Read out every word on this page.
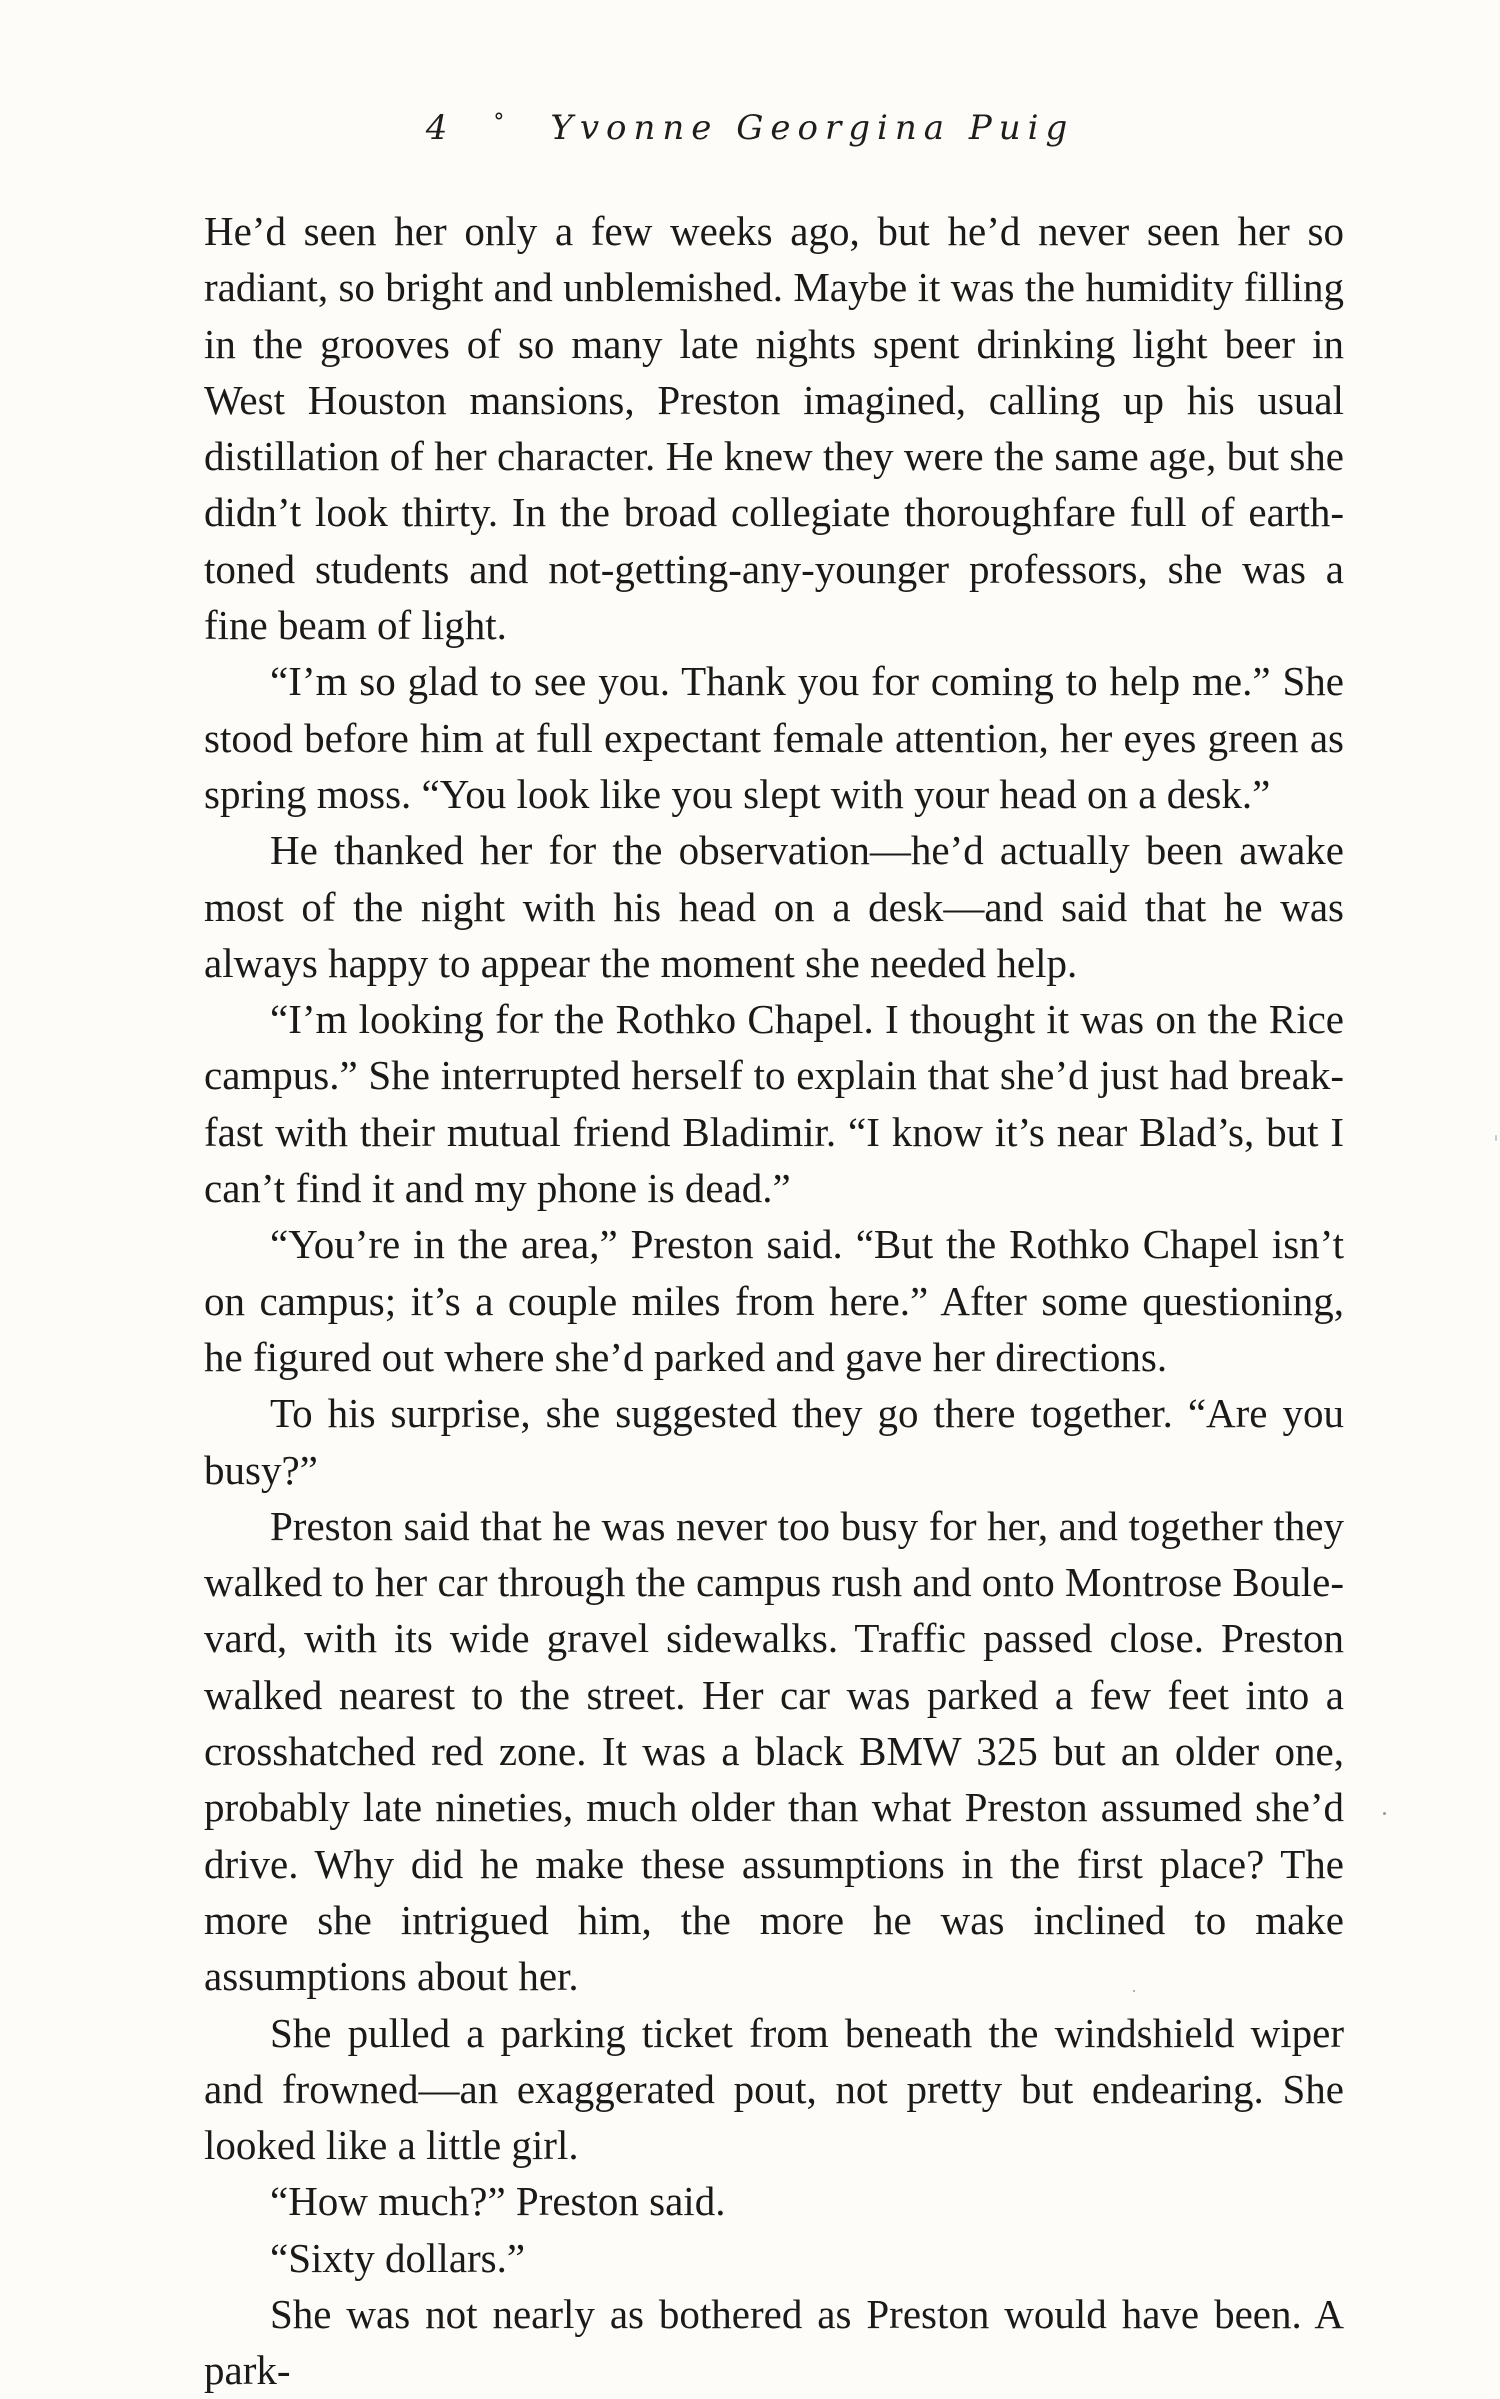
4 ° Yvonne Georgina Puig

He’d seen her only a few weeks ago, but he’d never seen her so radiant, so bright and unblemished. Maybe it was the humidity filling in the grooves of so many late nights spent drinking light beer in West Houston mansions, Preston imagined, calling up his usual distillation of her character. He knew they were the same age, but she didn’t look thirty. In the broad collegiate thoroughfare full of earth-toned students and not-getting-any-younger professors, she was a fine beam of light.

“I’m so glad to see you. Thank you for coming to help me.” She stood before him at full expectant female attention, her eyes green as spring moss. “You look like you slept with your head on a desk.”

He thanked her for the observation—he’d actually been awake most of the night with his head on a desk—and said that he was always happy to appear the moment she needed help.

“I’m looking for the Rothko Chapel. I thought it was on the Rice campus.” She interrupted herself to explain that she’d just had breakfast with their mutual friend Bladimir. “I know it’s near Blad’s, but I can’t find it and my phone is dead.”

“You’re in the area,” Preston said. “But the Rothko Chapel isn’t on campus; it’s a couple miles from here.” After some questioning, he figured out where she’d parked and gave her directions.

To his surprise, she suggested they go there together. “Are you busy?”

Preston said that he was never too busy for her, and together they walked to her car through the campus rush and onto Montrose Boulevard, with its wide gravel sidewalks. Traffic passed close. Preston walked nearest to the street. Her car was parked a few feet into a crosshatched red zone. It was a black BMW 325 but an older one, probably late nineties, much older than what Preston assumed she’d drive. Why did he make these assumptions in the first place? The more she intrigued him, the more he was inclined to make assumptions about her.

She pulled a parking ticket from beneath the windshield wiper and frowned—an exaggerated pout, not pretty but endearing. She looked like a little girl.

“How much?” Preston said.

“Sixty dollars.”

She was not nearly as bothered as Preston would have been. A park-
